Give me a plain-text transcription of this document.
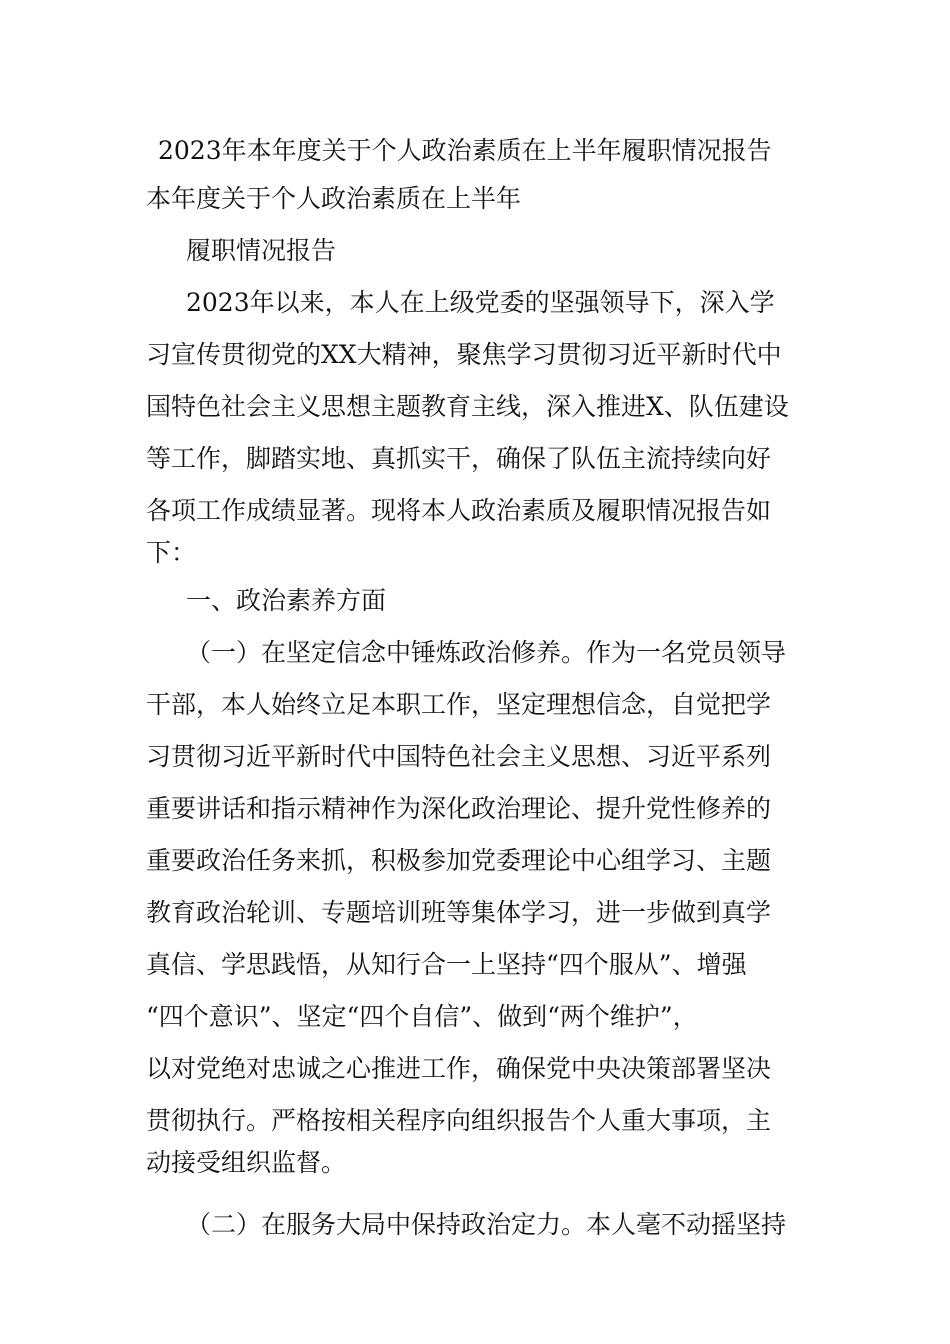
2023年本年度关于个人政治素质在上半年履职情况报告
本年度关于个人政治素质在上半年
履职情况报告
2023年以来，本人在上级党委的坚强领导下，深入学
习宣传贯彻党的XX大精神，聚焦学习贯彻习近平新时代中
国特色社会主义思想主题教育主线，深入推进X、队伍建设
等工作，脚踏实地、真抓实干，确保了队伍主流持续向好
各项工作成绩显著。现将本人政治素质及履职情况报告如
下：
一、政治素养方面
（一）在坚定信念中锤炼政治修养。作为一名党员领导
干部，本人始终立足本职工作，坚定理想信念，自觉把学
习贯彻习近平新时代中国特色社会主义思想、习近平系列
重要讲话和指示精神作为深化政治理论、提升党性修养的
重要政治任务来抓，积极参加党委理论中心组学习、主题
教育政治轮训、专题培训班等集体学习，进一步做到真学
真信、学思践悟，从知行合一上坚持“四个服从”、增强
“四个意识”、坚定“四个自信”、做到“两个维护”，
以对党绝对忠诚之心推进工作，确保党中央决策部署坚决
贯彻执行。严格按相关程序向组织报告个人重大事项，主
动接受组织监督。
（二）在服务大局中保持政治定力。本人毫不动摇坚持
